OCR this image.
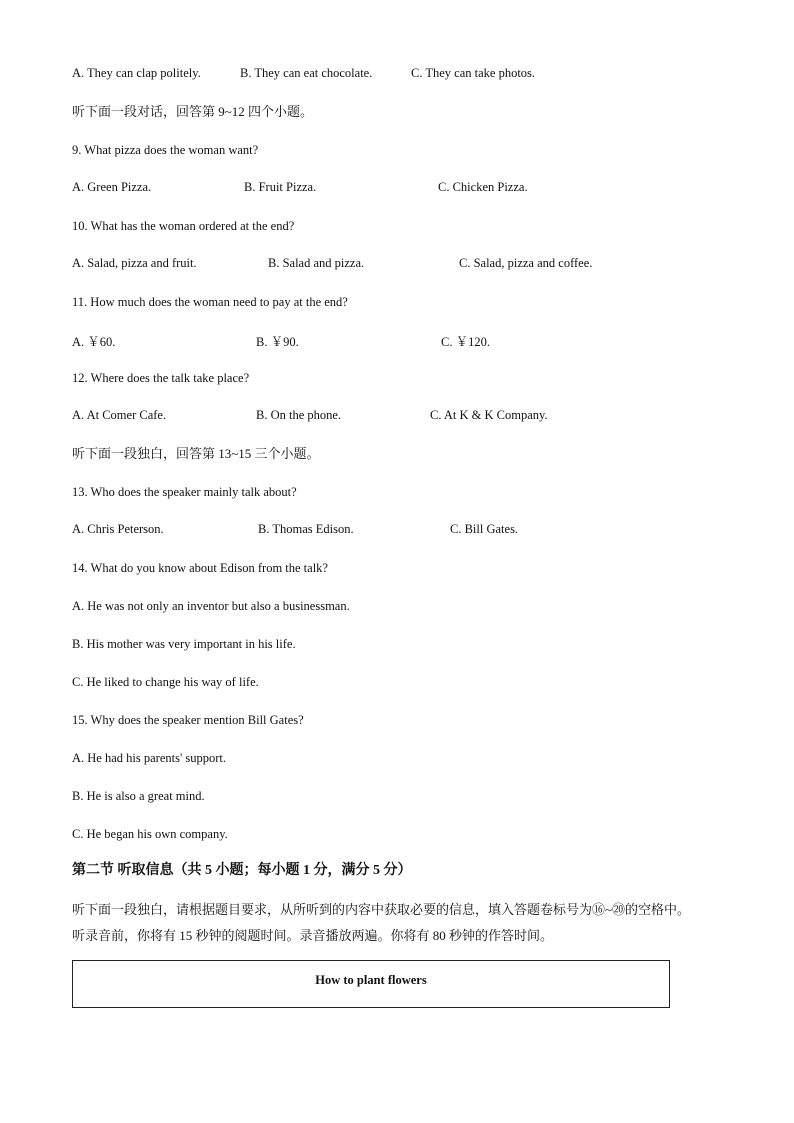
A. They can clap politely.	B. They can eat chocolate.	C. They can take photos.
听下面一段对话，回答第 9~12 四个小题。
9. What pizza does the woman want?
A. Green Pizza.	B. Fruit Pizza.	C. Chicken Pizza.
10. What has the woman ordered at the end?
A. Salad, pizza and fruit.	B. Salad and pizza.	C. Salad, pizza and coffee.
11. How much does the woman need to pay at the end?
A. ￥60.	B. ￥90.	C. ￥120.
12. Where does the talk take place?
A. At Comer Cafe.	B. On the phone.	C. At K & K Company.
听下面一段独白，回答第 13~15 三个小题。
13. Who does the speaker mainly talk about?
A. Chris Peterson.	B. Thomas Edison.	C. Bill Gates.
14. What do you know about Edison from the talk?
A. He was not only an inventor but also a businessman.
B. His mother was very important in his life.
C. He liked to change his way of life.
15. Why does the speaker mention Bill Gates?
A. He had his parents' support.
B. He is also a great mind.
C. He began his own company.
第二节 听取信息（共 5 小题；每小题 1 分，满分 5 分）
听下面一段独白，请根据题目要求，从所听到的内容中获取必要的信息，填入答题卷标号为⑯~⑳的空格中。
听录音前，你将有 15 秒钟的阅题时间。录音播放两遍。你将有 80 秒钟的作答时间。
How to plant flowers
